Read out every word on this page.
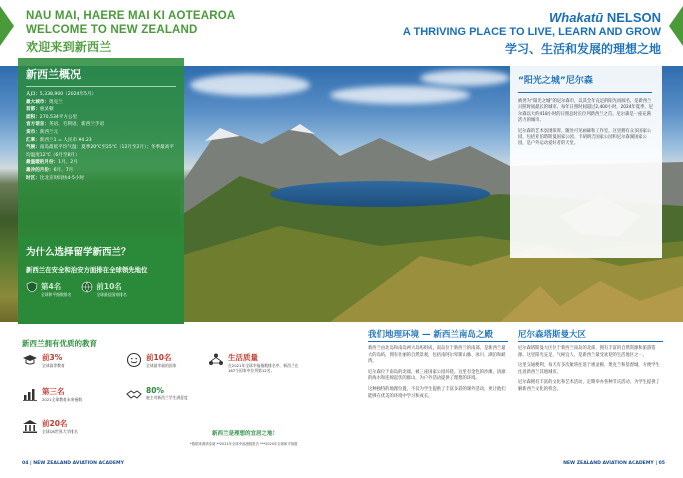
NAU MAI, HAERE MAI KI AOTEAROA
WELCOME TO NEW ZEALAND
欢迎来到新西兰
Whakatū NELSON
A THRIVING PLACE TO LIVE, LEARN AND GROW
学习、生活和发展的理想之地
新西兰概况
人口：5,338,900（2024年5月）
最大城市：奥克兰
首都：惠灵顿
面积：270,534平方公里
官方语言：英语、毛利语、新西兰手语
货币：新西兰元
汇率：新西兰1 = 人民币 ¥4.23
气候：南岛最低平均气温：夏季20℃至25℃（12月至2月）；冬季最高平均温度12℃（6月至8月）
最温暖的月份：1月、2月
最冷的月份：6月、7月
时区：比北京时间快4-5小时
为什么选择留学新西兰？
新西兰在安全和治安方面排在全球领先地位
第4名
全球和平指数排名
前10名
全球最佳国家排名
“阳光之城”尼尔森
被誉为“阳光之城”的尼尔森市，以其全年充足的阳光而闻名，是新西兰日照时间最长的城市。每年日照时间超过2,400小时，2024年夏季，尼尔森以大约418小时的日照总时长位列新西兰之首。尼尔森是一座充满活力的城市。
尼尔森的艺术氛围浓厚，随处可见画廊和工作室。这里拥有众多国家公园，包括亚伯塔斯曼国家公园、卡胡朗吉国家公园和尼尔森湖国家公园，是户外运动爱好者的天堂。
新西兰拥有优质的教育
前3%
全球高等教育
前10名
全球最幸福的国家
生活质量
在2021年全球幸福指数排名中，新西兰在167个国家中位列第12名。
第三名
2021全球教育未来指数
80%
雇主对新西兰学生满意度
前20名
全球QS世界大学排名	新西兰是理想的宜居之地！
*数据来源请参阅 **2021年全球幸福指数报告 ***2024年全球和平指数
我们地理环境 — 新西兰南岛之殿

新西兰由北岛和南岛两大岛屿组成，南岛位于新西兰的南部，是新西兰最大的岛屿，拥有壮丽的自然景观，包括南阿尔卑斯山脉、冰川、湖泊和峡湾。

尼尔森位于南岛的北端，被三座国家公园环绕。这里有金色的沙滩、清澈的海水和连绵起伏的群山，为户外活动提供了理想的环境。

这种独特的地理位置，不仅为学生提供了丰富多彩的课外活动，更让他们能够在优美的环境中学习和成长。

尼尔森塔斯曼大区

尼尔森塔斯曼大区位于新西兰南岛的北部，拥有丰富的自然资源和旅游资源。这里阳光充足，气候宜人，是新西兰最受欢迎的生活地区之一。

这里交通便利，每天有多次航班往返于惠灵顿、奥克兰和基督城，方便学生往返新西兰其他城市。

尼尔森拥有丰富的文化和艺术活动，定期举办各种节庆活动，为学生提供了解新西兰文化的机会。

04 | NEW ZEALAND AVIATION ACADEMY	NEW ZEALAND AVIATION ACADEMY | 05
